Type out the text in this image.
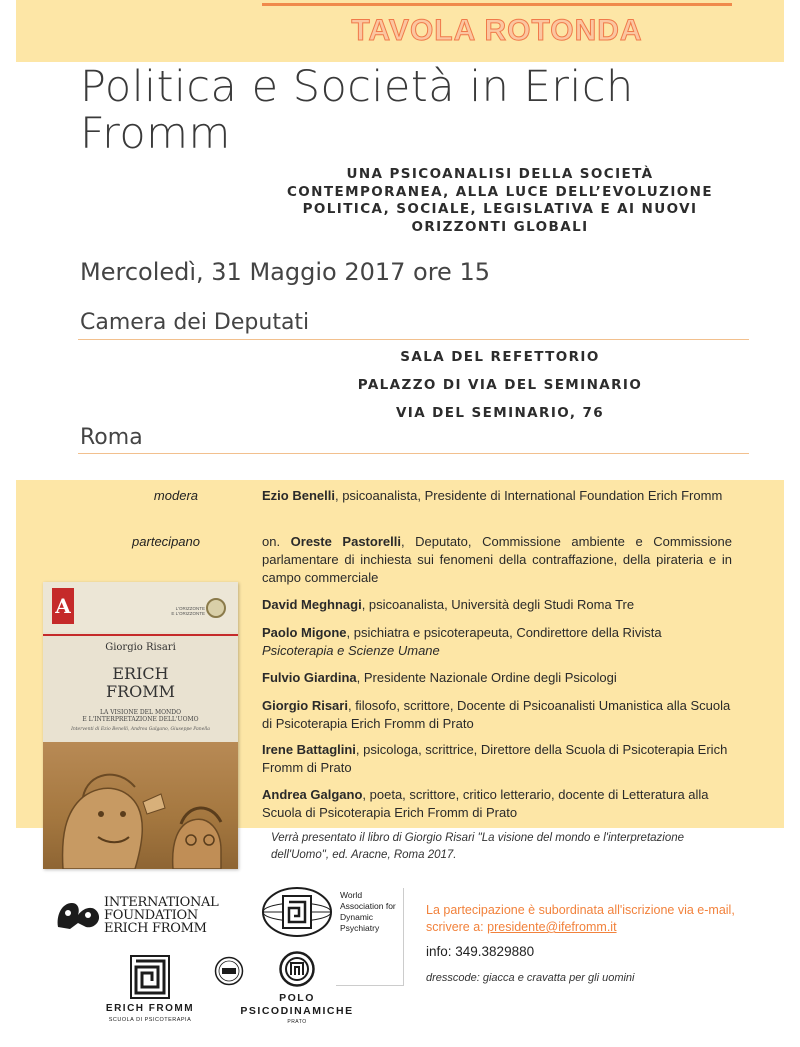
TAVOLA ROTONDA
Politica e Società in Erich Fromm
UNA PSICOANALISI DELLA SOCIETÀ
CONTEMPORANEA, ALLA LUCE DELL’EVOLUZIONE
POLITICA, SOCIALE, LEGISLATIVA E AI NUOVI
ORIZZONTI GLOBALI
Mercoledì, 31 Maggio 2017 ore 15
Camera dei Deputati
SALA DEL REFETTORIO
PALAZZO DI VIA DEL SEMINARIO
VIA DEL SEMINARIO, 76
Roma
modera
partecipano
Ezio Benelli, psicoanalista, Presidente di International Foundation Erich Fromm
on. Oreste Pastorelli, Deputato, Commissione ambiente e Commissione parlamentare di inchiesta sui fenomeni della contraffazione, della pirateria e in campo commerciale
David Meghnagi, psicoanalista, Università degli Studi Roma Tre
Paolo Migone, psichiatra e psicoterapeuta, Condirettore della Rivista Psicoterapia e Scienze Umane
Fulvio Giardina, Presidente Nazionale Ordine degli Psicologi
Giorgio Risari, filosofo, scrittore, Docente di Psicoanalisti Umanistica alla Scuola di Psicoterapia Erich Fromm di Prato
Irene Battaglini, psicologa, scrittrice, Direttore della Scuola di Psicoterapia Erich Fromm di Prato
Andrea Galgano, poeta, scrittore, critico letterario, docente di Letteratura alla Scuola di Psicoterapia Erich Fromm di Prato
A	L'ORIZZONTE
E L'ORIZZONTE
Giorgio Risari
ERICH
FROMM
LA VISIONE DEL MONDO
E L'INTERPRETAZIONE DELL'UOMO
Interventi di Ezio Benelli, Andrea Galgano, Giuseppe Panella
Verrà presentato il libro di Giorgio Risari "La visione del mondo e l'interpretazione dell'Uomo", ed. Aracne, Roma 2017.
INTERNATIONAL
FOUNDATION
ERICH FROMM
World
Association for
Dynamic
Psychiatry
ERICH FROMM
SCUOLA DI PSICOTERAPIA
POLO
PSICODINAMICHE
PRATO
La partecipazione è subordinata all'iscrizione via e-mail, scrivere a: presidente@ifefromm.it
info: 349.3829880
dresscode: giacca e cravatta per gli uomini
